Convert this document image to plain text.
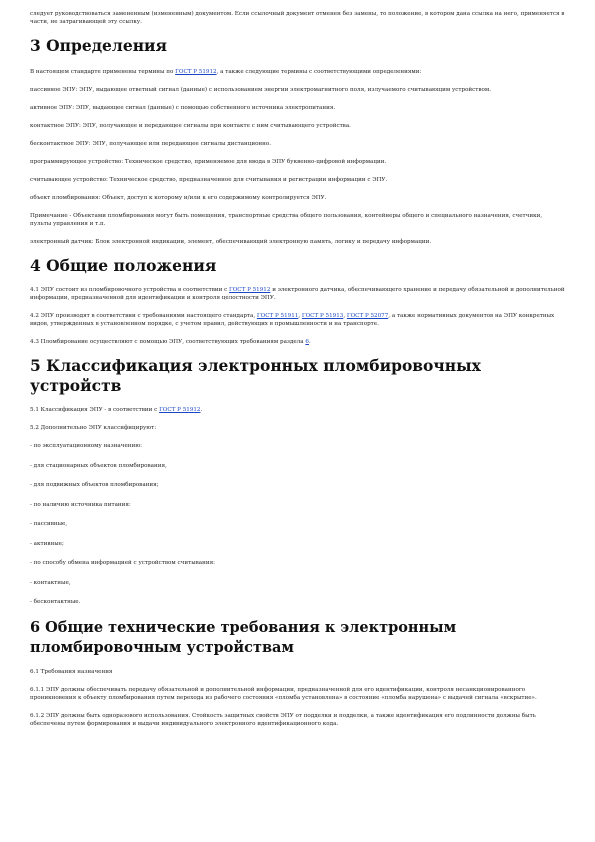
следует руководствоваться замененным (измененным) документом. Если ссылочный документ отменен без замены, то положение, в котором дана ссылка на него, применяется в части, не затрагивающей эту ссылку.

3 Определения

В настоящем стандарте применены термины по ГОСТ Р 51912, а также следующие термины с соответствующими определениями:

пассивное ЭПУ: ЭПУ, выдающее ответный сигнал (данные) с использованием энергии электромагнитного поля, излучаемого считывающим устройством.

активное ЭПУ: ЭПУ, выдающее сигнал (данные) с помощью собственного источника электропитания.

контактное ЭПУ: ЭПУ, получающее и передающее сигналы при контакте с ним считывающего устройства.

бесконтактное ЭПУ: ЭПУ, получающее или передающее сигналы дистанционно.

программирующее устройство: Техническое средство, применяемое для ввода в ЭПУ буквенно-цифровой информации.

считывающее устройство: Техническое средство, предназначенное для считывания и регистрации информации с ЭПУ.

объект пломбирования: Объект, доступ к которому и/или к его содержимому контролируется ЭПУ.

Примечание - Объектами пломбирования могут быть помещения, транспортные средства общего пользования, контейнеры общего и специального назначения, счетчики, пульты управления и т.п.

электронный датчик: Блок электронной индикации, элемент, обеспечивающий электронную память, логику и передачу информации.

4 Общие положения

4.1 ЭПУ состоит из пломбировочного устройства в соответствии с ГОСТ Р 51912 и электронного датчика, обеспечивающего хранение и передачу обязательной и дополнительной информации, предназначенной для идентификации и контроля целостности ЭПУ.

4.2 ЭПУ производят в соответствии с требованиями настоящего стандарта, ГОСТ Р 51911, ГОСТ Р 51913, ГОСТ Р 52077, а также нормативных документов на ЭПУ конкретных видов, утвержденных в установленном порядке, с учетом правил, действующих в промышленности и на транспорте.

4.3 Пломбирование осуществляют с помощью ЭПУ, соответствующих требованиям раздела 6.

5 Классификация электронных пломбировочных устройств

5.1 Классификация ЭПУ - в соответствии с ГОСТ Р 51912.

5.2 Дополнительно ЭПУ классифицируют:

- по эксплуатационному назначению:

- для стационарных объектов пломбирования,

- для подвижных объектов пломбирования;

- по наличию источника питания:

- пассивные,

- активные;

- по способу обмена информацией с устройством считывания:

- контактные,

- бесконтактные.

6 Общие технические требования к электронным пломбировочным устройствам

6.1 Требования назначения

6.1.1 ЭПУ должны обеспечивать передачу обязательной и дополнительной информации, предназначенной для его идентификации, контроля несанкционированного проникновения к объекту пломбирования путем перехода из рабочего состояния «пломба установлена» в состояние «пломба нарушена» с выдачей сигнала «вскрытие».

6.1.2 ЭПУ должны быть одноразового использования. Стойкость защитных свойств ЭПУ от подделки и подделки, а также идентификация его подлинности должны быть обеспечены путем формирования и выдачи индивидуального электронного идентификационного кода.
